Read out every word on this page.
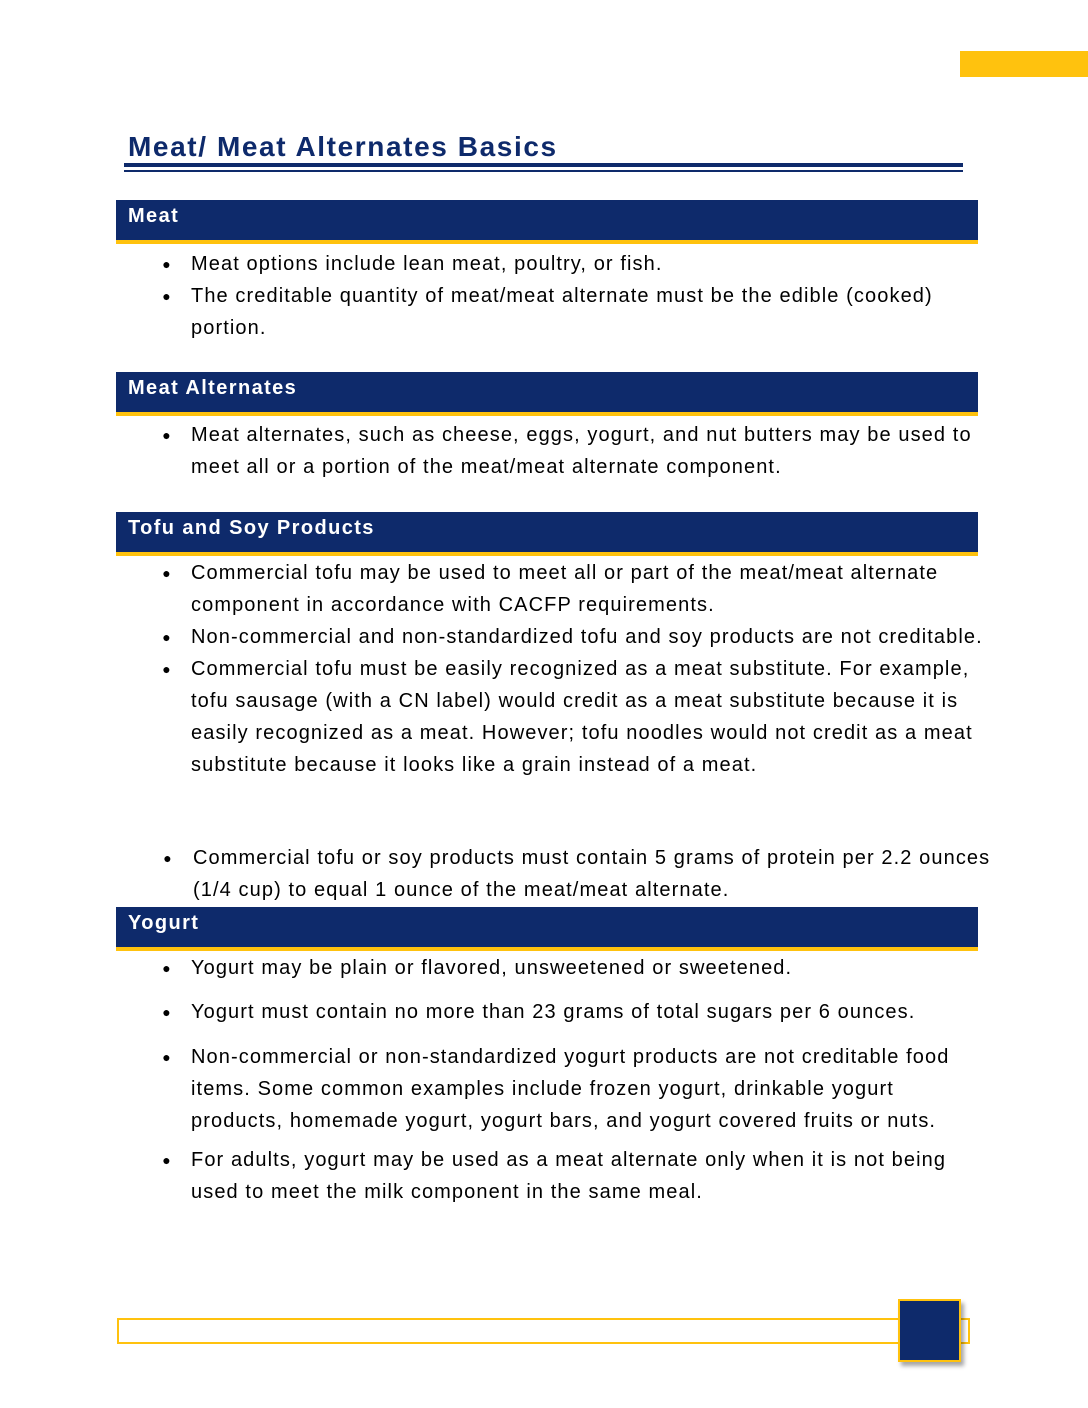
Meat/ Meat Alternates Basics
Meat
● Meat options include lean meat, poultry, or fish.
● The creditable quantity of meat/meat alternate must be the edible (cooked) portion.
Meat Alternates
● Meat alternates, such as cheese, eggs, yogurt, and nut butters may be used to meet all or a portion of the meat/meat alternate component.
Tofu and Soy Products
● Commercial tofu may be used to meet all or part of the meat/meat alternate component in accordance with CACFP requirements.
● Non-commercial and non-standardized tofu and soy products are not creditable.
● Commercial tofu must be easily recognized as a meat substitute. For example, tofu sausage (with a CN label) would credit as a meat substitute because it is easily recognized as a meat. However; tofu noodles would not credit as a meat substitute because it looks like a grain instead of a meat.
● Commercial tofu or soy products must contain 5 grams of protein per 2.2 ounces (1/4 cup) to equal 1 ounce of the meat/meat alternate.
Yogurt
● Yogurt may be plain or flavored, unsweetened or sweetened.
● Yogurt must contain no more than 23 grams of total sugars per 6 ounces.
● Non-commercial or non-standardized yogurt products are not creditable food items. Some common examples include frozen yogurt, drinkable yogurt products, homemade yogurt, yogurt bars, and yogurt covered fruits or nuts.
● For adults, yogurt may be used as a meat alternate only when it is not being used to meet the milk component in the same meal.
